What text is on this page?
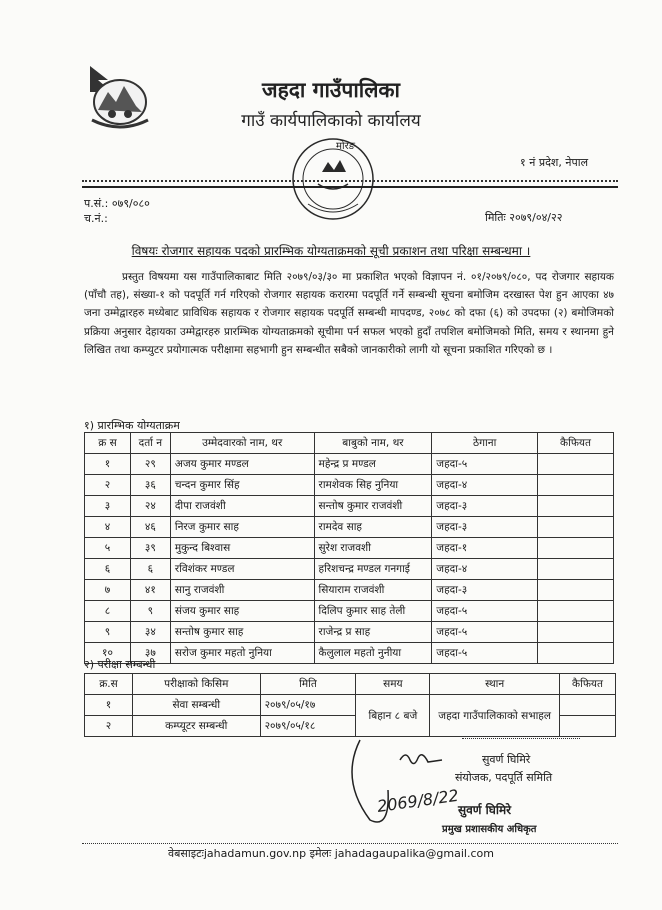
जहदा गाउँपालिका
गाउँ कार्यपालिकाको कार्यालय
मोरङ
१ नं प्रदेश, नेपाल
प.सं.: ०७९/०८०
च.नं.:	मितिः २०७९/०४/२२
विषयः रोजगार सहायक पदको प्रारम्भिक योग्यताक्रमको सूची प्रकाशन तथा परिक्षा सम्बन्धमा ।

प्रस्तुत विषयमा यस गाउँपालिकाबाट मिति २०७९/०३/३० मा प्रकाशित भएको विज्ञापन नं. ०१/२०७९/०८०, पद रोजगार सहायक (पाँचौ तह), संख्या-१ को पदपूर्ति गर्न गरिएको रोजगार सहायक करारमा पदपूर्ति गर्ने सम्बन्धी सूचना बमोजिम दरखास्त पेश हुन आएका ४७ जना उम्मेद्वारहरु मध्येबाट प्राविधिक सहायक र रोजगार सहायक पदपूर्ति सम्बन्धी मापदण्ड, २०७८ को दफा (६) को उपदफा (२) बमोजिमको प्रक्रिया अनुसार देहायका उम्मेद्वारहरु प्रारम्भिक योग्यताक्रमको सूचीमा पर्न सफल भएको हुदाँ तपशिल बमोजिमको मिति, समय र स्थानमा हुने लिखित तथा कम्प्युटर प्रयोगात्मक परीक्षामा सहभागी हुन सम्बन्धीत सबैको जानकारीको लागी यो सूचना प्रकाशित गरिएको छ ।

१) प्रारम्भिक योग्यताक्रम
क्र स	दर्ता न	उम्मेदवारको नाम, थर	बाबुको नाम, थर	ठेगाना	कैफियत
१	२९	अजय कुमार मण्डल	महेन्द्र प्र मण्डल	जहदा-५	
२	३६	चन्दन कुमार सिंह	रामशेवक सिह नुनिया	जहदा-४	
३	२४	दीपा राजवंशी	सन्तोष कुमार राजवंशी	जहदा-३	
४	४६	निरज कुमार साह	रामदेव साह	जहदा-३	
५	३९	मुकुन्द बिश्वास	सुरेश राजवशी	जहदा-१	
६	६	रविशंकर मण्डल	हरिशचन्द्र मण्डल गनगाई	जहदा-४	
७	४१	सानु राजवंशी	सियाराम राजवंशी	जहदा-३	
८	९	संजय कुमार साह	दिलिप कुमार साह तेली	जहदा-५	
९	३४	सन्तोष कुमार साह	राजेन्द्र प्र साह	जहदा-५	
१०	३७	सरोज कुमार महतो नुनिया	कैलुलाल महतो नुनीया	जहदा-५	
२) परीक्षा सम्बन्धी
क्र.स	परीक्षाको किसिम	मिति	समय	स्थान	कैफियत
१	सेवा सम्बन्धी	२०७९/०५/१७	बिहान ८ बजे	जहदा गाउँपालिकाको सभाहल	
२	कम्प्यूटर सम्बन्धी	२०७९/०५/१८			
2069/8/22
सुवर्ण घिमिरे
प्रमुख प्रशासकीय अधिकृत
सुवर्ण घिमिरे
संयोजक, पदपूर्ति समिति
वेबसाइटःjahadamun.gov.np इमेलः jahadagaupalika@gmail.com
